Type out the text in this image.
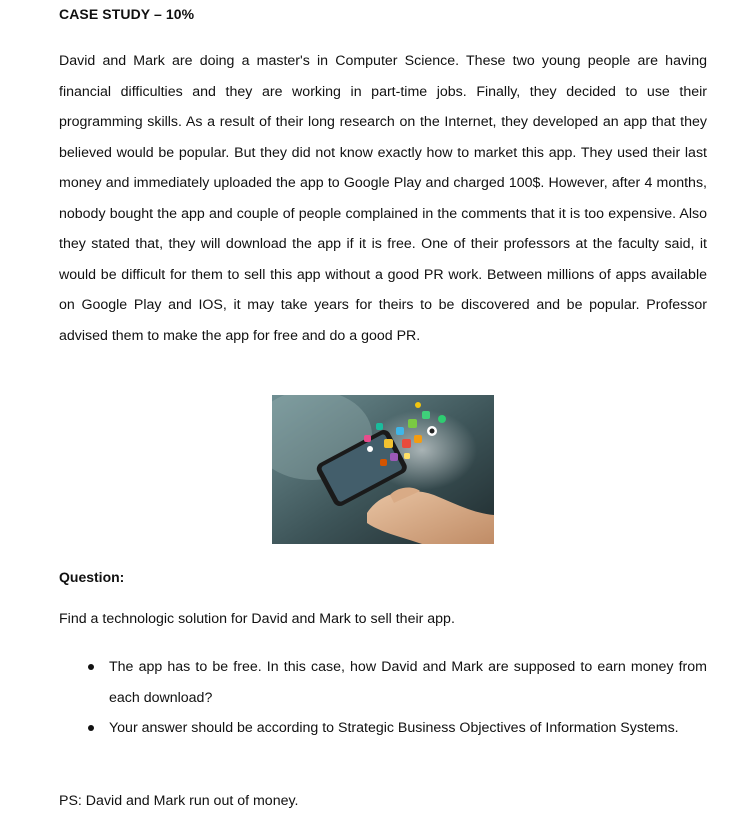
CASE STUDY – 10%

David and Mark are doing a master's in Computer Science. These two young people are having financial difficulties and they are working in part-time jobs. Finally, they decided to use their programming skills. As a result of their long research on the Internet, they developed an app that they believed would be popular. But they did not know exactly how to market this app. They used their last money and immediately uploaded the app to Google Play and charged 100$. However, after 4 months, nobody bought the app and couple of people complained in the comments that it is too expensive. Also they stated that, they will download the app if it is free. One of their professors at the faculty said, it would be difficult for them to sell this app without a good PR work. Between millions of apps available on Google Play and IOS, it may take years for theirs to be discovered and be popular. Professor advised them to make the app for free and do a good PR.

Question:
Find a technologic solution for David and Mark to sell their app.
The app has to be free. In this case, how David and Mark are supposed to earn money from each download?
Your answer should be according to Strategic Business Objectives of Information Systems.
PS: David and Mark run out of money.
